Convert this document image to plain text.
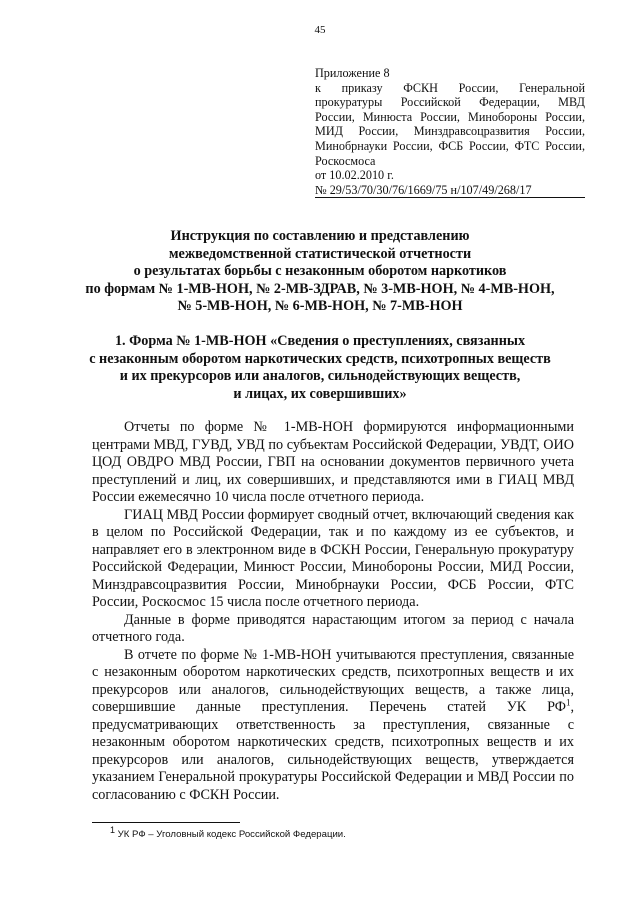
45
Приложение 8
к приказу ФСКН России, Генеральной
прокуратуры Российской Федерации, МВД
России, Минюста России, Минобороны России,
МИД России, Минздравсоцразвития России,
Минобрнауки России, ФСБ России, ФТС России,
Роскосмоса
от 10.02.2010 г.
№ 29/53/70/30/76/1669/75 н/107/49/268/17
Инструкция по составлению и представлению
межведомственной статистической отчетности
о результатах борьбы с незаконным оборотом наркотиков
по формам № 1-МВ-НОН, № 2-МВ-ЗДРАВ, № 3-МВ-НОН, № 4-МВ-НОН,
№ 5-МВ-НОН, № 6-МВ-НОН, № 7-МВ-НОН
1. Форма № 1-МВ-НОН «Сведения о преступлениях, связанных
с незаконным оборотом наркотических средств, психотропных веществ
и их прекурсоров или аналогов, сильнодействующих веществ,
и лицах, их совершивших»

Отчеты по форме № 1-МВ-НОН формируются информационными центрами МВД, ГУВД, УВД по субъектам Российской Федерации, УВДТ, ОИО ЦОД ОВДРО МВД России, ГВП на основании документов первичного учета преступлений и лиц, их совершивших, и представляются ими в ГИАЦ МВД России ежемесячно 10 числа после отчетного периода.

ГИАЦ МВД России формирует сводный отчет, включающий сведения как в целом по Российской Федерации, так и по каждому из ее субъектов, и направляет его в электронном виде в ФСКН России, Генеральную прокуратуру Российской Федерации, Минюст России, Минобороны России, МИД России, Минздравсоцразвития России, Минобрнауки России, ФСБ России, ФТС России, Роскосмос 15 числа после отчетного периода.

Данные в форме приводятся нарастающим итогом за период с начала отчетного года.

В отчете по форме № 1-МВ-НОН учитываются преступления, связанные с незаконным оборотом наркотических средств, психотропных веществ и их прекурсоров или аналогов, сильнодействующих веществ, а также лица, совершившие данные преступления. Перечень статей УК $РФ^1$, предусматривающих ответственность за преступления, связанные с незаконным оборотом наркотических средств, психотропных веществ и их прекурсоров или аналогов, сильнодействующих веществ, утверждается указанием Генеральной прокуратуры Российской Федерации и МВД России по согласованию с ФСКН России.

$^1$ УК РФ – Уголовный кодекс Российской Федерации.
